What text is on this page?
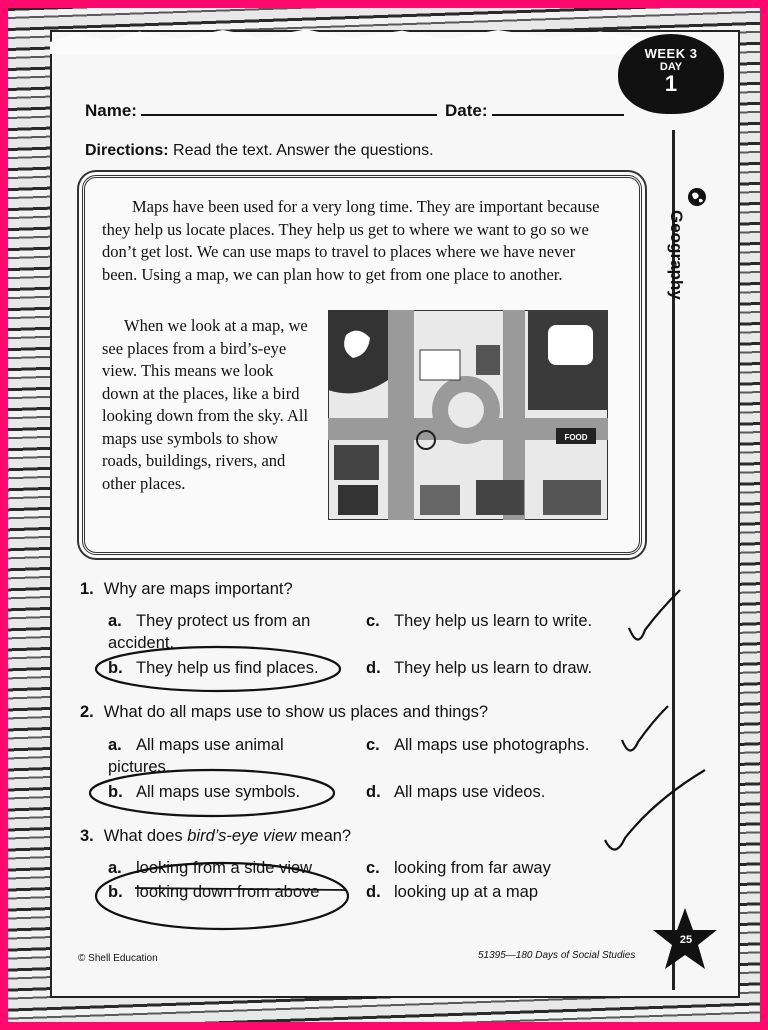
WEEK 3
DAY
1
Geography
Name:	Date:
Directions: Read the text. Answer the questions.
Maps have been used for a very long time. They are important because they help us locate places. They help us get to where we want to go so we don’t get lost. We can use maps to travel to places where we have never been. Using a map, we can plan how to get from one place to another.
When we look at a map, we see places from a bird’s-eye view. This means we look down at the places, like a bird looking down from the sky. All maps use symbols to show roads, buildings, rivers, and other places.
FOOD
1. Why are maps important?
a. They protect us from an accident.
b. They help us find places.
c. They help us learn to write.
d. They help us learn to draw.
2. What do all maps use to show us places and things?
a. All maps use animal pictures.
b. All maps use symbols.
c. All maps use photographs.
d. All maps use videos.
3. What does bird’s-eye view mean?
a. looking from a side view
b. looking down from above
c. looking from far away
d. looking up at a map
© Shell Education	51395—180 Days of Social Studies
25
